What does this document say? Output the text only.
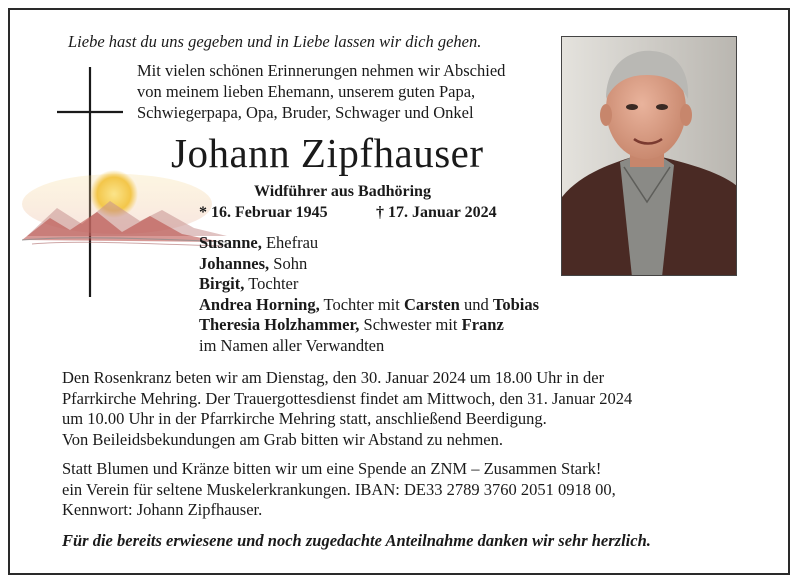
Liebe hast du uns gegeben und in Liebe lassen wir dich gehen.
Mit vielen schönen Erinnerungen nehmen wir Abschied
von meinem lieben Ehemann, unserem guten Papa,
Schwiegerpapa, Opa, Bruder, Schwager und Onkel
Johann Zipfhauser
Widführer aus Badhöring
* 16. Februar 1945	† 17. Januar 2024
Susanne, Ehefrau
Johannes, Sohn
Birgit, Tochter
Andrea Horning, Tochter mit Carsten und Tobias
Theresia Holzhammer, Schwester mit Franz
im Namen aller Verwandten
Den Rosenkranz beten wir am Dienstag, den 30. Januar 2024 um 18.00 Uhr in der
Pfarrkirche Mehring. Der Trauergottesdienst findet am Mittwoch, den 31. Januar 2024
um 10.00 Uhr in der Pfarrkirche Mehring statt, anschließend Beerdigung.
Von Beileidsbekundungen am Grab bitten wir Abstand zu nehmen.
Statt Blumen und Kränze bitten wir um eine Spende an ZNM – Zusammen Stark!
ein Verein für seltene Muskelerkrankungen. IBAN: DE33 2789 3760 2051 0918 00,
Kennwort: Johann Zipfhauser.
Für die bereits erwiesene und noch zugedachte Anteilnahme danken wir sehr herzlich.
